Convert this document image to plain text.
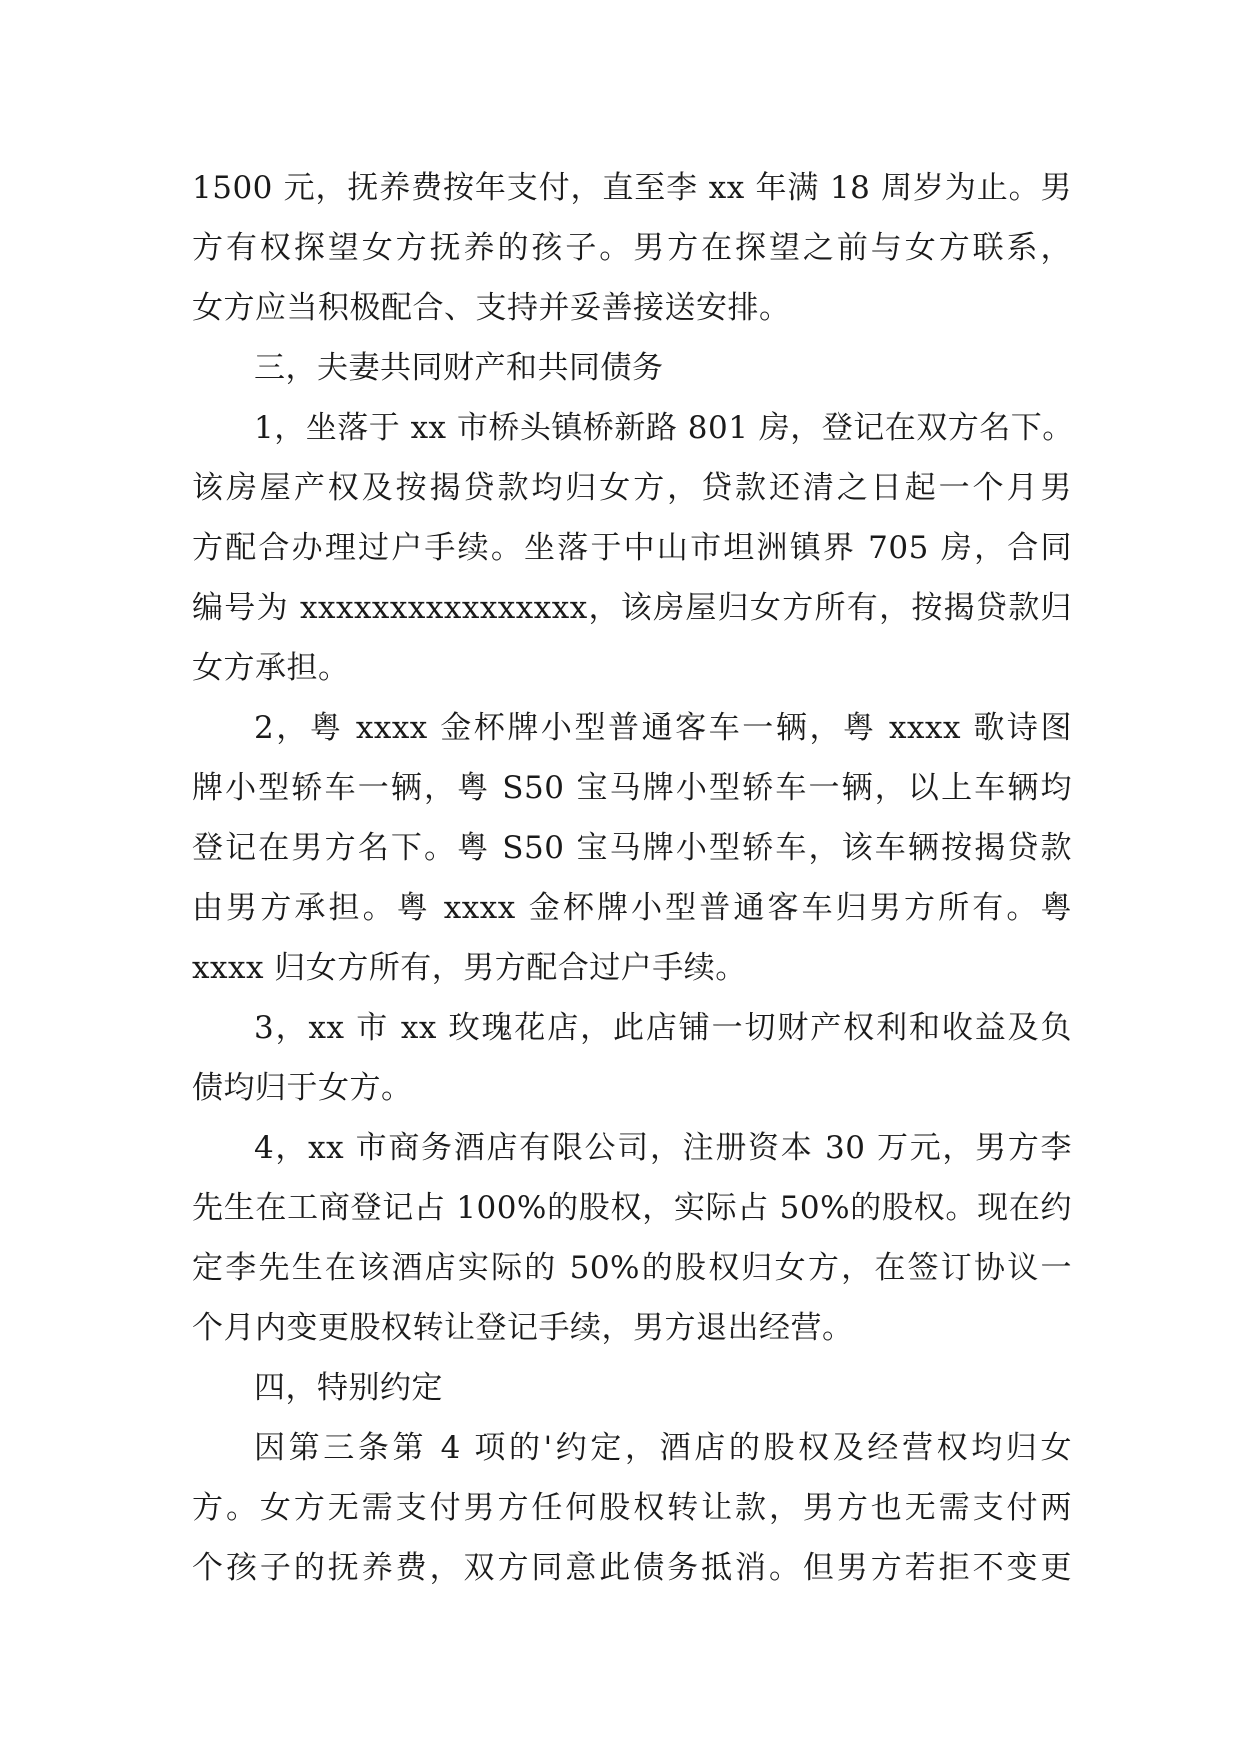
1500 元，抚养费按年支付，直至李 xx 年满 18 周岁为止。男
方有权探望女方抚养的孩子。男方在探望之前与女方联系，
女方应当积极配合、支持并妥善接送安排。
三，夫妻共同财产和共同债务
1，坐落于 xx 市桥头镇桥新路 801 房，登记在双方名下。
该房屋产权及按揭贷款均归女方，贷款还清之日起一个月男
方配合办理过户手续。坐落于中山市坦洲镇界 705 房，合同
编号为 xxxxxxxxxxxxxxxx，该房屋归女方所有，按揭贷款归
女方承担。
2，粤 xxxx 金杯牌小型普通客车一辆，粤 xxxx 歌诗图
牌小型轿车一辆，粤 S50 宝马牌小型轿车一辆，以上车辆均
登记在男方名下。粤 S50 宝马牌小型轿车，该车辆按揭贷款
由男方承担。粤 xxxx 金杯牌小型普通客车归男方所有。粤
xxxx 归女方所有，男方配合过户手续。
3，xx 市 xx 玫瑰花店，此店铺一切财产权利和收益及负
债均归于女方。
4，xx 市商务酒店有限公司，注册资本 30 万元，男方李
先生在工商登记占 100%的股权，实际占 50%的股权。现在约
定李先生在该酒店实际的 50%的股权归女方，在签订协议一
个月内变更股权转让登记手续，男方退出经营。
四，特别约定
因第三条第 4 项的'约定，酒店的股权及经营权均归女
方。女方无需支付男方任何股权转让款，男方也无需支付两
个孩子的抚养费，双方同意此债务抵消。但男方若拒不变更
